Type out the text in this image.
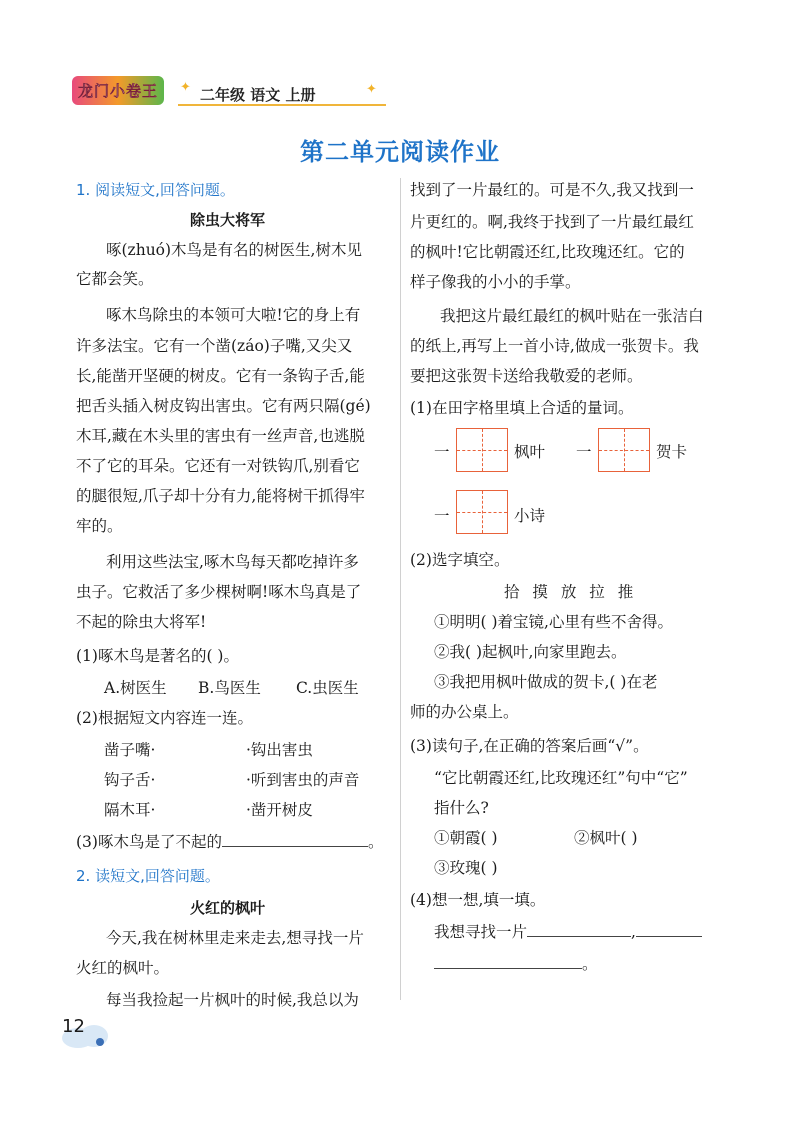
龙门小卷王	二年级 语文 上册
✦	✦
第二单元阅读作业
1. 阅读短文,回答问题。
除虫大将军
啄(zhuó)木鸟是有名的树医生,树木见
它都会笑。
啄木鸟除虫的本领可大啦!它的身上有
许多法宝。它有一个凿(záo)子嘴,又尖又
长,能凿开坚硬的树皮。它有一条钩子舌,能
把舌头插入树皮钩出害虫。它有两只隔(gé)
木耳,藏在木头里的害虫有一丝声音,也逃脱
不了它的耳朵。它还有一对铁钩爪,别看它
的腿很短,爪子却十分有力,能将树干抓得牢
牢的。
利用这些法宝,啄木鸟每天都吃掉许多
虫子。它救活了多少棵树啊!啄木鸟真是了
不起的除虫大将军!
(1)啄木鸟是著名的( )。
A.树医生 B.鸟医生 C.虫医生
(2)根据短文内容连一连。
凿子嘴·	·钩出害虫
钩子舌·	·听到害虫的声音
隔木耳·	·凿开树皮
(3)啄木鸟是了不起的	。
2. 读短文,回答问题。
火红的枫叶
今天,我在树林里走来走去,想寻找一片
火红的枫叶。
每当我捡起一片枫叶的时候,我总以为
找到了一片最红的。可是不久,我又找到一
片更红的。啊,我终于找到了一片最红最红
的枫叶!它比朝霞还红,比玫瑰还红。它的
样子像我的小小的手掌。
我把这片最红最红的枫叶贴在一张洁白
的纸上,再写上一首小诗,做成一张贺卡。我
要把这张贺卡送给我敬爱的老师。
(1)在田字格里填上合适的量词。
一	枫叶 一	贺卡
一	小诗
(2)选字填空。
拾 摸 放 拉 推
①明明( )着宝镜,心里有些不舍得。
②我( )起枫叶,向家里跑去。
③我把用枫叶做成的贺卡,( )在老
师的办公桌上。
(3)读句子,在正确的答案后画“√”。
“它比朝霞还红,比玫瑰还红”句中“它”
指什么?
①朝霞( )	②枫叶( )
③玫瑰( )
(4)想一想,填一填。
我想寻找一片	,
。
12
